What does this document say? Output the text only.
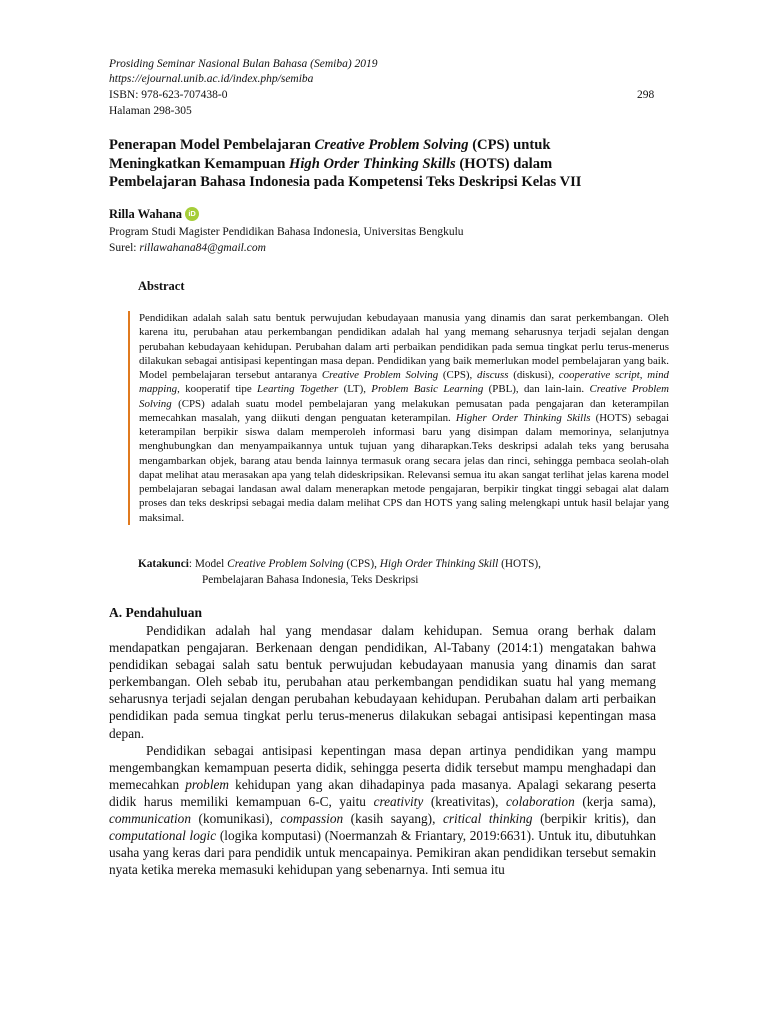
Prosiding Seminar Nasional Bulan Bahasa (Semiba) 2019
https://ejournal.unib.ac.id/index.php/semiba
ISBN: 978-623-707438-0	298
Halaman 298-305
Penerapan Model Pembelajaran Creative Problem Solving (CPS) untuk
Meningkatkan Kemampuan High Order Thinking Skills (HOTS) dalam
Pembelajaran Bahasa Indonesia pada Kompetensi Teks Deskripsi Kelas VII
Rilla Wahana iD
Program Studi Magister Pendidikan Bahasa Indonesia, Universitas Bengkulu
Surel: rillawahana84@gmail.com
Abstract

Pendidikan adalah salah satu bentuk perwujudan kebudayaan manusia yang dinamis dan sarat perkembangan. Oleh karena itu, perubahan atau perkembangan pendidikan adalah hal yang memang seharusnya terjadi sejalan dengan perubahan kebudayaan kehidupan. Perubahan dalam arti perbaikan pendidikan pada semua tingkat perlu terus-menerus dilakukan sebagai antisipasi kepentingan masa depan. Pendidikan yang baik memerlukan model pembelajaran yang baik. Model pembelajaran tersebut antaranya Creative Problem Solving (CPS), discuss (diskusi), cooperative script, mind mapping, kooperatif tipe Learting Together (LT), Problem Basic Learning (PBL), dan lain-lain. Creative Problem Solving (CPS) adalah suatu model pembelajaran yang melakukan pemusatan pada pengajaran dan keterampilan memecahkan masalah, yang diikuti dengan penguatan keterampilan. Higher Order Thinking Skills (HOTS) sebagai keterampilan berpikir siswa dalam memperoleh informasi baru yang disimpan dalam memorinya, selanjutnya menghubungkan dan menyampaikannya untuk tujuan yang diharapkan.Teks deskripsi adalah teks yang berusaha mengambarkan objek, barang atau benda lainnya termasuk orang secara jelas dan rinci, sehingga pembaca seolah-olah dapat melihat atau merasakan apa yang telah dideskripsikan. Relevansi semua itu akan sangat terlihat jelas karena model pembelajaran sebagai landasan awal dalam menerapkan metode pengajaran, berpikir tingkat tinggi sebagai alat dalam proses dan teks deskripsi sebagai media dalam melihat CPS dan HOTS yang saling melengkapi untuk hasil belajar yang maksimal.

Katakunci: Model Creative Problem Solving (CPS), High Order Thinking Skill (HOTS),
Pembelajaran Bahasa Indonesia, Teks Deskripsi
A. Pendahuluan

Pendidikan adalah hal yang mendasar dalam kehidupan. Semua orang berhak dalam mendapatkan pengajaran. Berkenaan dengan pendidikan, Al-Tabany (2014:1) mengatakan bahwa pendidikan sebagai salah satu bentuk perwujudan kebudayaan manusia yang dinamis dan sarat perkembangan. Oleh sebab itu, perubahan atau perkembangan pendidikan suatu hal yang memang seharusnya terjadi sejalan dengan perubahan kebudayaan kehidupan. Perubahan dalam arti perbaikan pendidikan pada semua tingkat perlu terus-menerus dilakukan sebagai antisipasi kepentingan masa depan.

Pendidikan sebagai antisipasi kepentingan masa depan artinya pendidikan yang mampu mengembangkan kemampuan peserta didik, sehingga peserta didik tersebut mampu menghadapi dan memecahkan problem kehidupan yang akan dihadapinya pada masanya. Apalagi sekarang peserta didik harus memiliki kemampuan 6-C, yaitu creativity (kreativitas), colaboration (kerja sama), communication (komunikasi), compassion (kasih sayang), critical thinking (berpikir kritis), dan computational logic (logika komputasi) (Noermanzah & Friantary, 2019:6631). Untuk itu, dibutuhkan usaha yang keras dari para pendidik untuk mencapainya. Pemikiran akan pendidikan tersebut semakin nyata ketika mereka memasuki kehidupan yang sebenarnya. Inti semua itu
